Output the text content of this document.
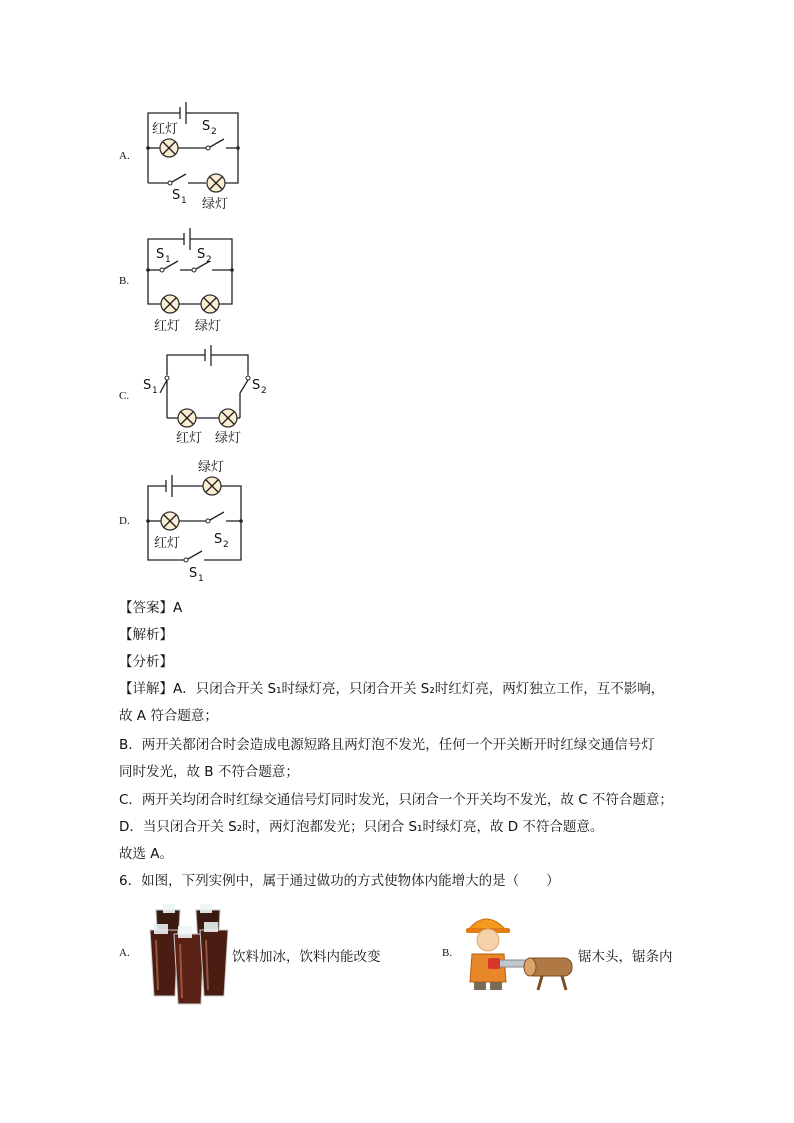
A.
红灯 S 2
S 1 绿灯
B.
S 1 S 2
红灯 绿灯
C.
S 1	S 2
红灯 绿灯
D.
绿灯
红灯	S 2
S 1
【答案】A
【解析】
【分析】
【详解】A．只闭合开关 S₁时绿灯亮，只闭合开关 S₂时红灯亮，两灯独立工作，互不影响，
故 A 符合题意；
B．两开关都闭合时会造成电源短路且两灯泡不发光，任何一个开关断开时红绿交通信号灯
同时发光，故 B 不符合题意；
C．两开关均闭合时红绿交通信号灯同时发光，只闭合一个开关均不发光，故 C 不符合题意；
D．当只闭合开关 S₂时，两灯泡都发光；只闭合 S₁时绿灯亮，故 D 不符合题意。
故选 A。
6．如图，下列实例中，属于通过做功的方式使物体内能增大的是（　　）
A.	饮料加冰，饮料内能改变	B.	锯木头，锯条内
